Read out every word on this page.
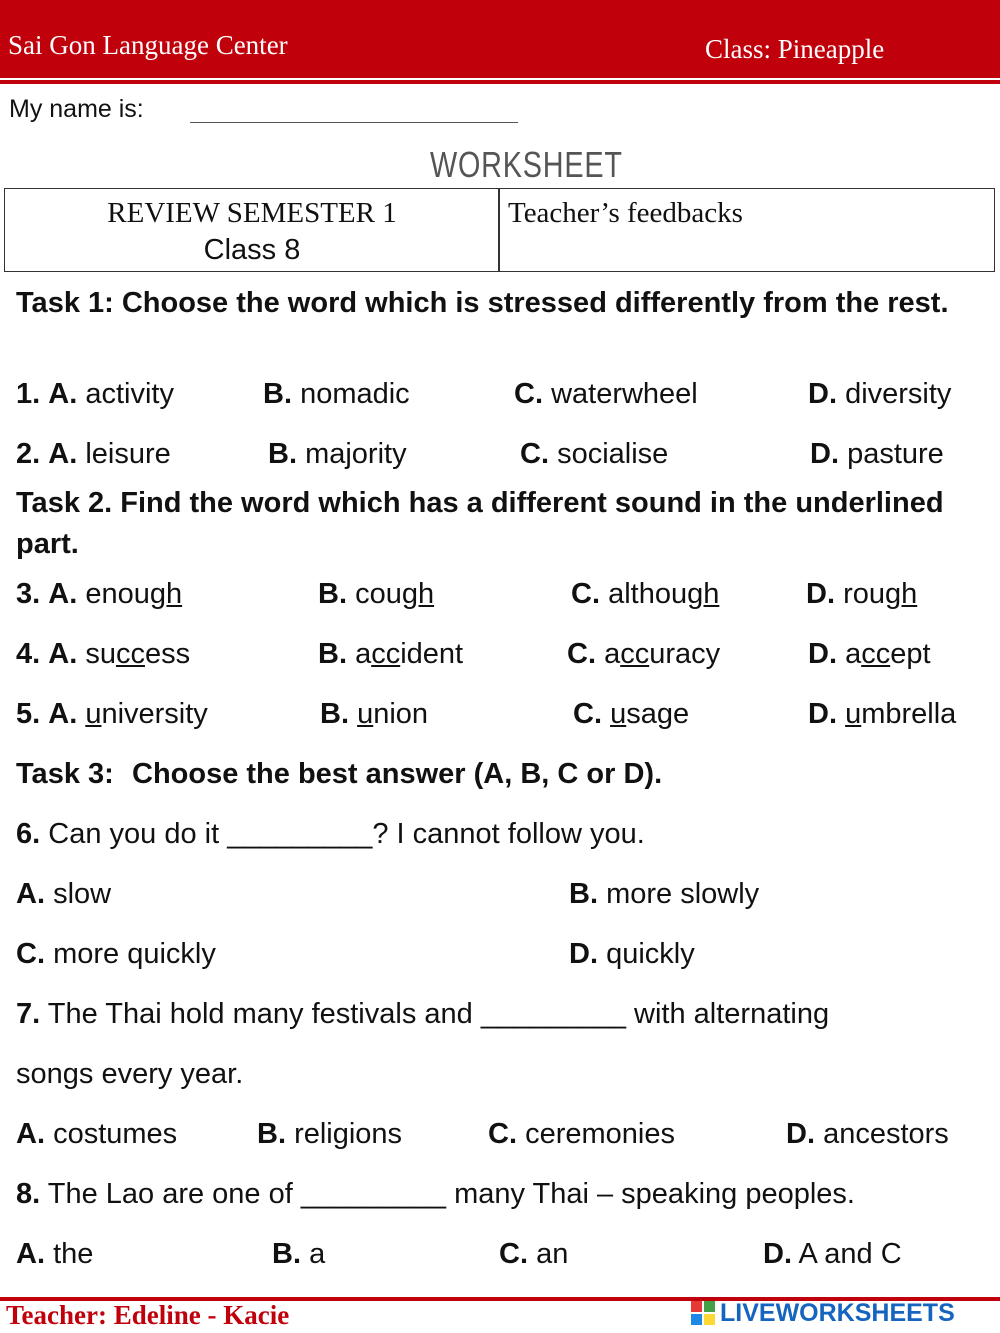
Sai Gon Language Center	Class: Pineapple
My name is:
WORKSHEET
REVIEW SEMESTER 1
Class 8
Teacher’s feedbacks
Task 1: Choose the word which is stressed differently from the rest.
1. A. activity	B. nomadic	C. waterwheel	D. diversity
2. A. leisure	B. majority	C. socialise	D. pasture
Task 2. Find the word which has a different sound in the underlined part.
3. A. enough	B. cough	C. although	D. rough
4. A. success	B. accident	C. accuracy	D. accept
5. A. university	B. union	C. usage	D. umbrella
Task 3: Choose the best answer (A, B, C or D).
6. Can you do it _________? I cannot follow you.
A. slow	B. more slowly
C. more quickly	D. quickly
7. The Thai hold many festivals and _________ with alternating
songs every year.
A. costumes	B. religions	C. ceremonies	D. ancestors
8. The Lao are one of _________ many Thai – speaking peoples.
A. the	B. a	C. an	D. A and C
Teacher: Edeline - Kacie	LIVEWORKSHEETS
